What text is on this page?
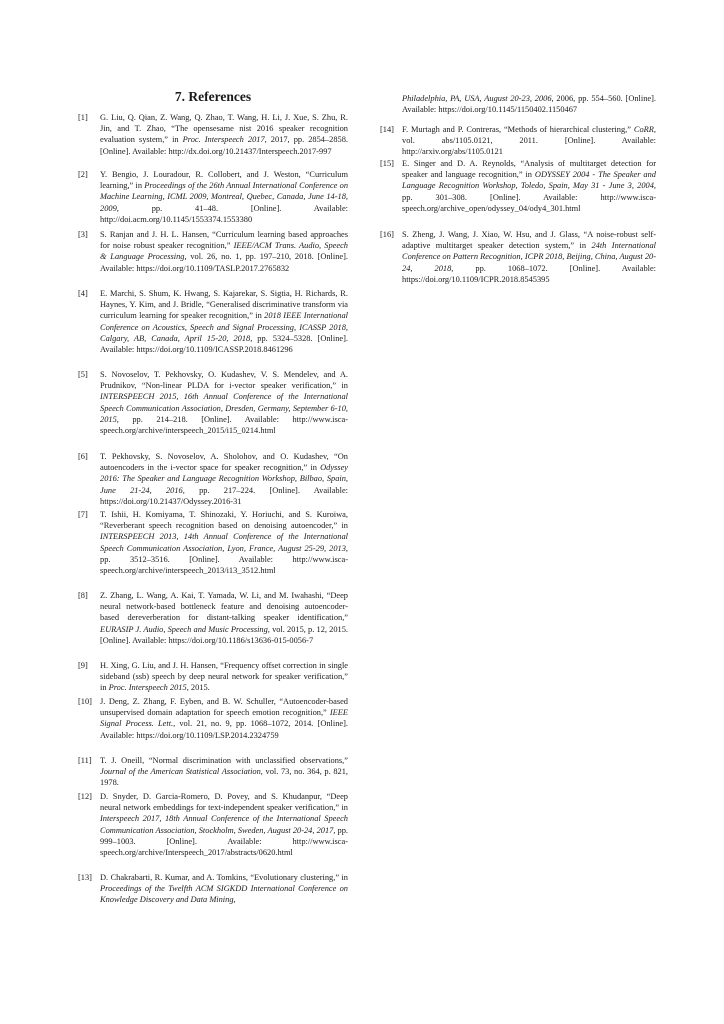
7. References
[1]	G. Liu, Q. Qian, Z. Wang, Q. Zhao, T. Wang, H. Li, J. Xue, S. Zhu, R. Jin, and T. Zhao, “The opensesame nist 2016 speaker recognition evaluation system,” in Proc. Interspeech 2017, 2017, pp. 2854–2858. [Online]. Available: http://dx.doi.org/10.21437/Interspeech.2017-997
[2]	Y. Bengio, J. Louradour, R. Collobert, and J. Weston, “Curriculum learning,” in Proceedings of the 26th Annual International Conference on Machine Learning, ICML 2009, Montreal, Quebec, Canada, June 14-18, 2009, pp. 41–48. [Online]. Available: http://doi.acm.org/10.1145/1553374.1553380
[3]	S. Ranjan and J. H. L. Hansen, “Curriculum learning based approaches for noise robust speaker recognition,” IEEE/ACM Trans. Audio, Speech & Language Processing, vol. 26, no. 1, pp. 197–210, 2018. [Online]. Available: https://doi.org/10.1109/TASLP.2017.2765832
[4]	E. Marchi, S. Shum, K. Hwang, S. Kajarekar, S. Sigtia, H. Richards, R. Haynes, Y. Kim, and J. Bridle, “Generalised discriminative transform via curriculum learning for speaker recognition,” in 2018 IEEE International Conference on Acoustics, Speech and Signal Processing, ICASSP 2018, Calgary, AB, Canada, April 15-20, 2018, pp. 5324–5328. [Online]. Available: https://doi.org/10.1109/ICASSP.2018.8461296
[5]	S. Novoselov, T. Pekhovsky, O. Kudashev, V. S. Mendelev, and A. Prudnikov, “Non-linear PLDA for i-vector speaker verification,” in INTERSPEECH 2015, 16th Annual Conference of the International Speech Communication Association, Dresden, Germany, September 6-10, 2015, pp. 214–218. [Online]. Available: http://www.isca-speech.org/archive/interspeech_2015/i15_0214.html
[6]	T. Pekhovsky, S. Novoselov, A. Sholohov, and O. Kudashev, “On autoencoders in the i-vector space for speaker recognition,” in Odyssey 2016: The Speaker and Language Recognition Workshop, Bilbao, Spain, June 21-24, 2016, pp. 217–224. [Online]. Available: https://doi.org/10.21437/Odyssey.2016-31
[7]	T. Ishii, H. Komiyama, T. Shinozaki, Y. Horiuchi, and S. Kuroiwa, “Reverberant speech recognition based on denoising autoencoder,” in INTERSPEECH 2013, 14th Annual Conference of the International Speech Communication Association, Lyon, France, August 25-29, 2013, pp. 3512–3516. [Online]. Available: http://www.isca-speech.org/archive/interspeech_2013/i13_3512.html
[8]	Z. Zhang, L. Wang, A. Kai, T. Yamada, W. Li, and M. Iwahashi, “Deep neural network-based bottleneck feature and denoising autoencoder-based dereverberation for distant-talking speaker identification,” EURASIP J. Audio, Speech and Music Processing, vol. 2015, p. 12, 2015. [Online]. Available: https://doi.org/10.1186/s13636-015-0056-7
[9]	H. Xing, G. Liu, and J. H. Hansen, “Frequency offset correction in single sideband (ssb) speech by deep neural network for speaker verification,” in Proc. Interspeech 2015, 2015.
[10] J. Deng, Z. Zhang, F. Eyben, and B. W. Schuller, “Autoencoder-based unsupervised domain adaptation for speech emotion recognition,” IEEE Signal Process. Lett., vol. 21, no. 9, pp. 1068–1072, 2014. [Online]. Available: https://doi.org/10.1109/LSP.2014.2324759
[11] T. J. Oneill, “Normal discrimination with unclassified observations,” Journal of the American Statistical Association, vol. 73, no. 364, p. 821, 1978.
[12] D. Snyder, D. Garcia-Romero, D. Povey, and S. Khudanpur, “Deep neural network embeddings for text-independent speaker verification,” in Interspeech 2017, 18th Annual Conference of the International Speech Communication Association, Stockholm, Sweden, August 20-24, 2017, pp. 999–1003. [Online]. Available: http://www.isca-speech.org/archive/Interspeech_2017/abstracts/0620.html
[13] D. Chakrabarti, R. Kumar, and A. Tomkins, “Evolutionary clustering,” in Proceedings of the Twelfth ACM SIGKDD International Conference on Knowledge Discovery and Data Mining,
Philadelphia, PA, USA, August 20-23, 2006, 2006, pp. 554–560. [Online]. Available: https://doi.org/10.1145/1150402.1150467
[14] F. Murtagh and P. Contreras, “Methods of hierarchical clustering,” CoRR, vol. abs/1105.0121, 2011. [Online]. Available: http://arxiv.org/abs/1105.0121
[15] E. Singer and D. A. Reynolds, “Analysis of multitarget detection for speaker and language recognition,” in ODYSSEY 2004 - The Speaker and Language Recognition Workshop, Toledo, Spain, May 31 - June 3, 2004, pp. 301–308. [Online]. Available: http://www.isca-speech.org/archive_open/odyssey_04/ody4_301.html
[16] S. Zheng, J. Wang, J. Xiao, W. Hsu, and J. Glass, “A noise-robust self-adaptive multitarget speaker detection system,” in 24th International Conference on Pattern Recognition, ICPR 2018, Beijing, China, August 20-24, 2018, pp. 1068–1072. [Online]. Available: https://doi.org/10.1109/ICPR.2018.8545395
